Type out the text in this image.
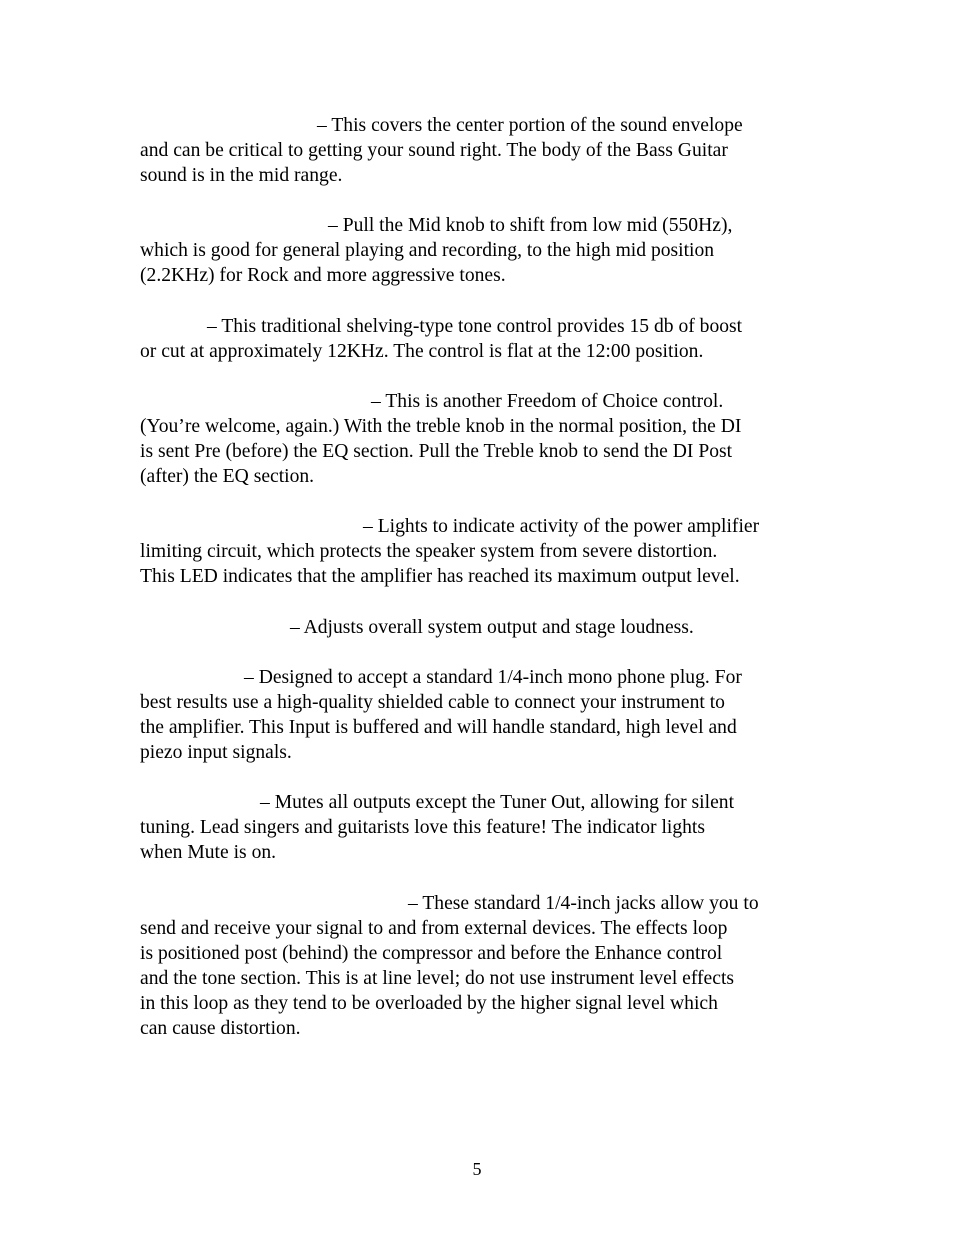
– This covers the center portion of the sound envelope
and can be critical to getting your sound right. The body of the Bass Guitar
sound is in the mid range.

– Pull the Mid knob to shift from low mid (550Hz),
which is good for general playing and recording, to the high mid position
(2.2KHz) for Rock and more aggressive tones.

– This traditional shelving-type tone control provides 15 db of boost
or cut at approximately 12KHz. The control is flat at the 12:00 position.

– This is another Freedom of Choice control.
(You’re welcome, again.) With the treble knob in the normal position, the DI
is sent Pre (before) the EQ section. Pull the Treble knob to send the DI Post
(after) the EQ section.

– Lights to indicate activity of the power amplifier
limiting circuit, which protects the speaker system from severe distortion.
This LED indicates that the amplifier has reached its maximum output level.

– Adjusts overall system output and stage loudness.

– Designed to accept a standard 1/4-inch mono phone plug. For
best results use a high-quality shielded cable to connect your instrument to
the amplifier. This Input is buffered and will handle standard, high level and
piezo input signals.

– Mutes all outputs except the Tuner Out, allowing for silent
tuning. Lead singers and guitarists love this feature! The indicator lights
when Mute is on.

– These standard 1/4-inch jacks allow you to
send and receive your signal to and from external devices. The effects loop
is positioned post (behind) the compressor and before the Enhance control
and the tone section. This is at line level; do not use instrument level effects
in this loop as they tend to be overloaded by the higher signal level which
can cause distortion.

5
